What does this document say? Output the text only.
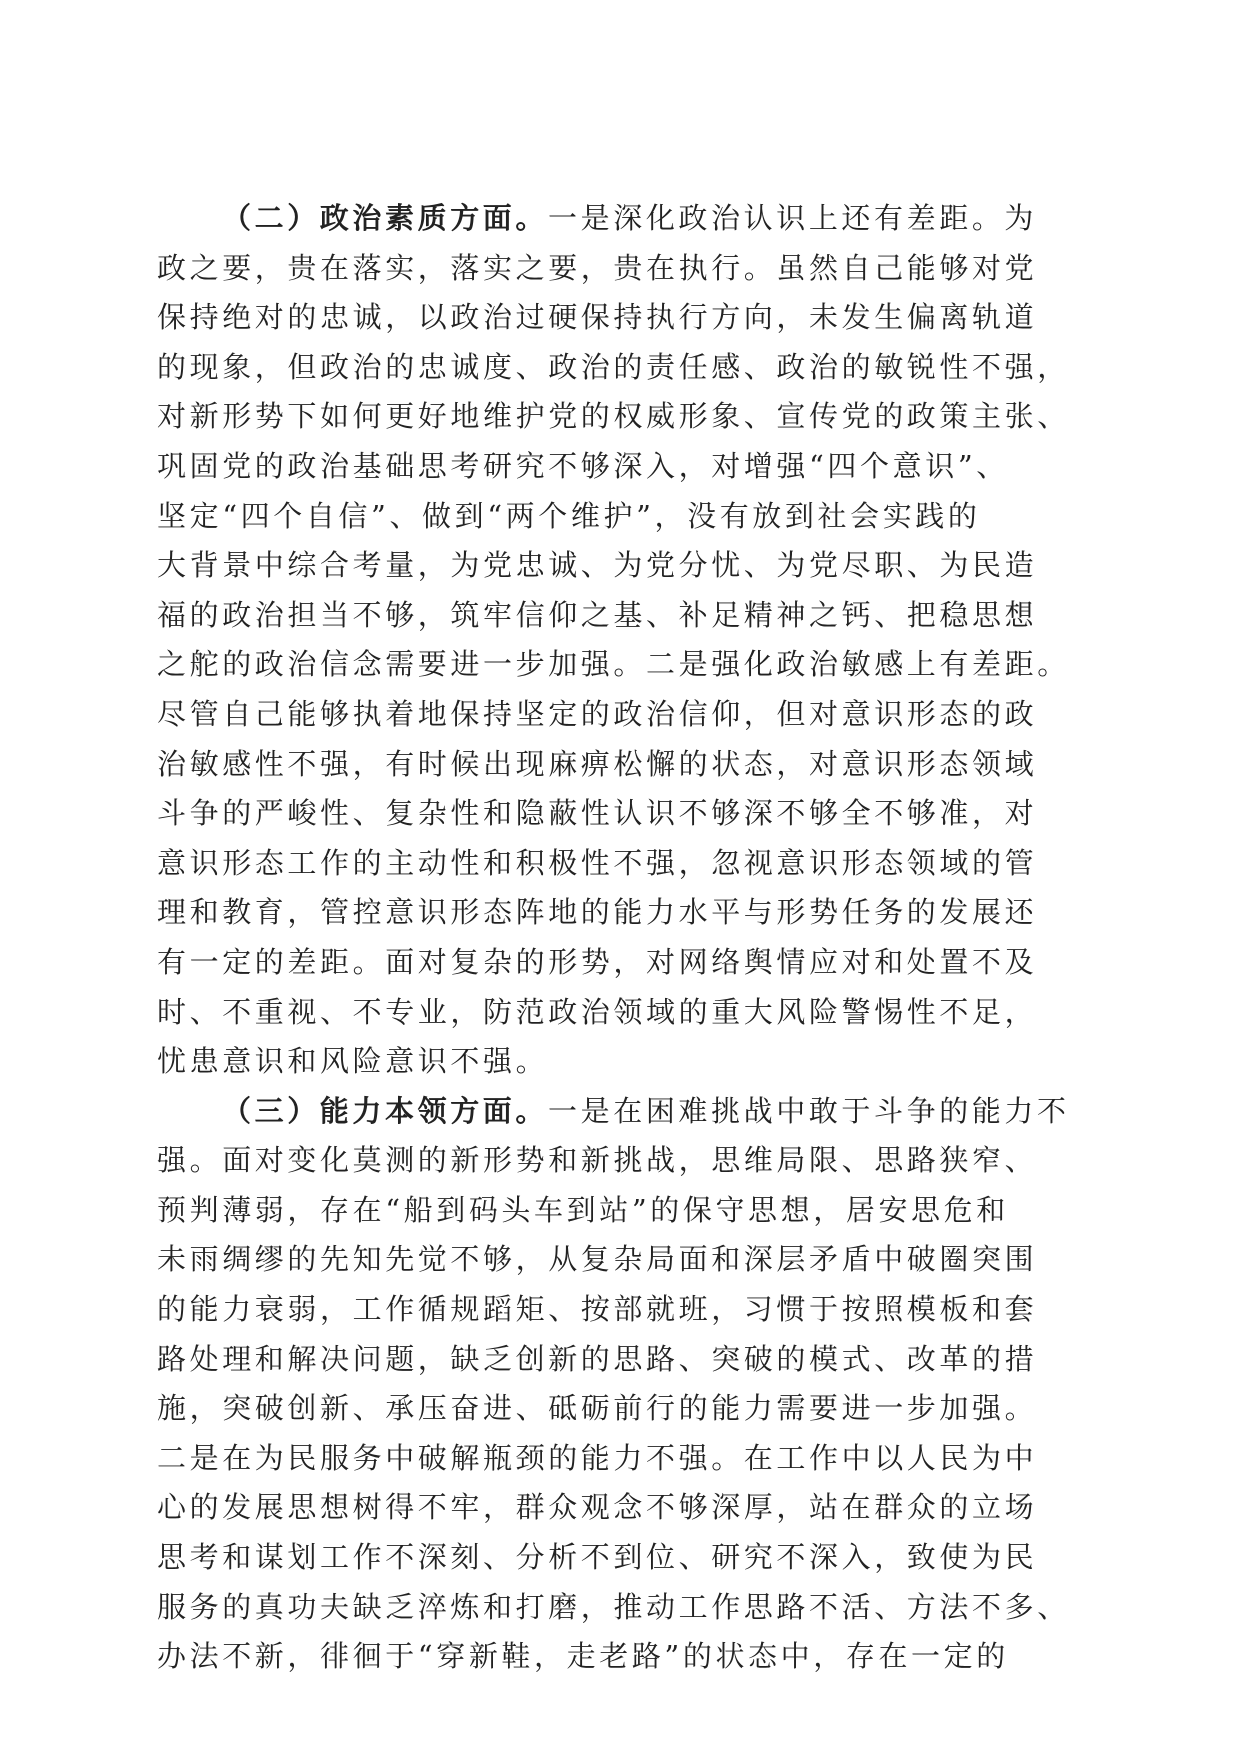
（二）政治素质方面。一是深化政治认识上还有差距。为
政之要，贵在落实，落实之要，贵在执行。虽然自己能够对党
保持绝对的忠诚，以政治过硬保持执行方向，未发生偏离轨道
的现象，但政治的忠诚度、政治的责任感、政治的敏锐性不强，
对新形势下如何更好地维护党的权威形象、宣传党的政策主张、
巩固党的政治基础思考研究不够深入，对增强“四个意识”、
坚定“四个自信”、做到“两个维护”，没有放到社会实践的
大背景中综合考量，为党忠诚、为党分忧、为党尽职、为民造
福的政治担当不够，筑牢信仰之基、补足精神之钙、把稳思想
之舵的政治信念需要进一步加强。二是强化政治敏感上有差距。
尽管自己能够执着地保持坚定的政治信仰，但对意识形态的政
治敏感性不强，有时候出现麻痹松懈的状态，对意识形态领域
斗争的严峻性、复杂性和隐蔽性认识不够深不够全不够准，对
意识形态工作的主动性和积极性不强，忽视意识形态领域的管
理和教育，管控意识形态阵地的能力水平与形势任务的发展还
有一定的差距。面对复杂的形势，对网络舆情应对和处置不及
时、不重视、不专业，防范政治领域的重大风险警惕性不足，
忧患意识和风险意识不强。
（三）能力本领方面。一是在困难挑战中敢于斗争的能力不
强。面对变化莫测的新形势和新挑战，思维局限、思路狭窄、
预判薄弱，存在“船到码头车到站”的保守思想，居安思危和
未雨绸缪的先知先觉不够，从复杂局面和深层矛盾中破圈突围
的能力衰弱，工作循规蹈矩、按部就班，习惯于按照模板和套
路处理和解决问题，缺乏创新的思路、突破的模式、改革的措
施，突破创新、承压奋进、砥砺前行的能力需要进一步加强。
二是在为民服务中破解瓶颈的能力不强。在工作中以人民为中
心的发展思想树得不牢，群众观念不够深厚，站在群众的立场
思考和谋划工作不深刻、分析不到位、研究不深入，致使为民
服务的真功夫缺乏淬炼和打磨，推动工作思路不活、方法不多、
办法不新，徘徊于“穿新鞋，走老路”的状态中，存在一定的
